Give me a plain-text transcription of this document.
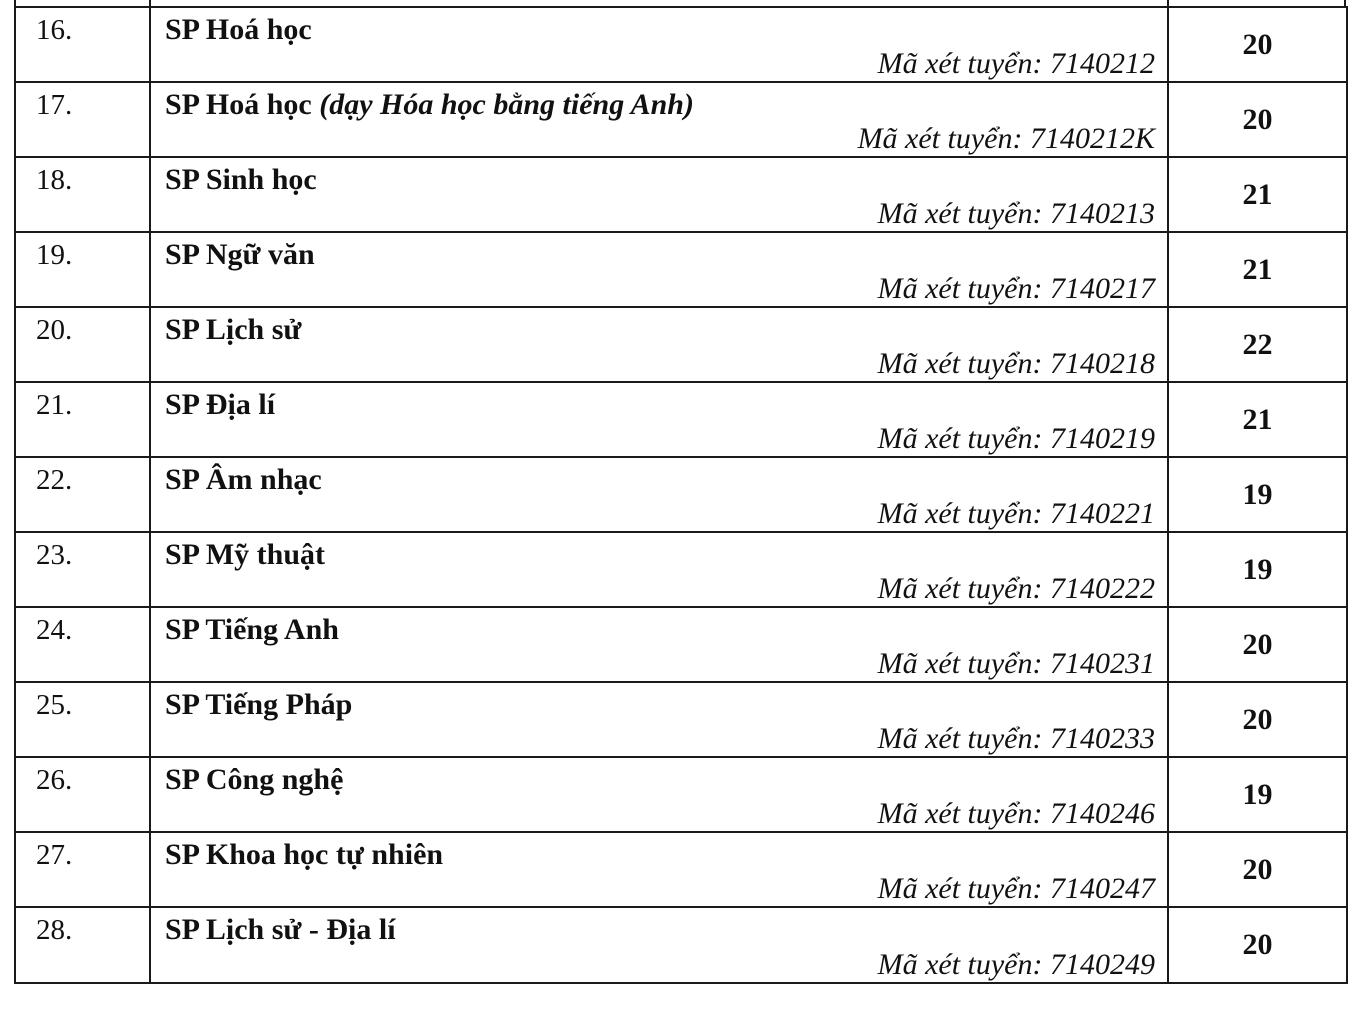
16.	SP Hoá học
Mã xét tuyển: 7140212	20

17.	SP Hoá học (dạy Hóa học bằng tiếng Anh)
Mã xét tuyển: 7140212K	20

18.	SP Sinh học
Mã xét tuyển: 7140213	21

19.	SP Ngữ văn
Mã xét tuyển: 7140217	21

20.	SP Lịch sử
Mã xét tuyển: 7140218	22

21.	SP Địa lí
Mã xét tuyển: 7140219	21

22.	SP Âm nhạc
Mã xét tuyển: 7140221	19

23.	SP Mỹ thuật
Mã xét tuyển: 7140222	19

24.	SP Tiếng Anh
Mã xét tuyển: 7140231	20

25.	SP Tiếng Pháp
Mã xét tuyển: 7140233	20

26.	SP Công nghệ
Mã xét tuyển: 7140246	19

27.	SP Khoa học tự nhiên
Mã xét tuyển: 7140247	20

28.	SP Lịch sử - Địa lí
Mã xét tuyển: 7140249	20
